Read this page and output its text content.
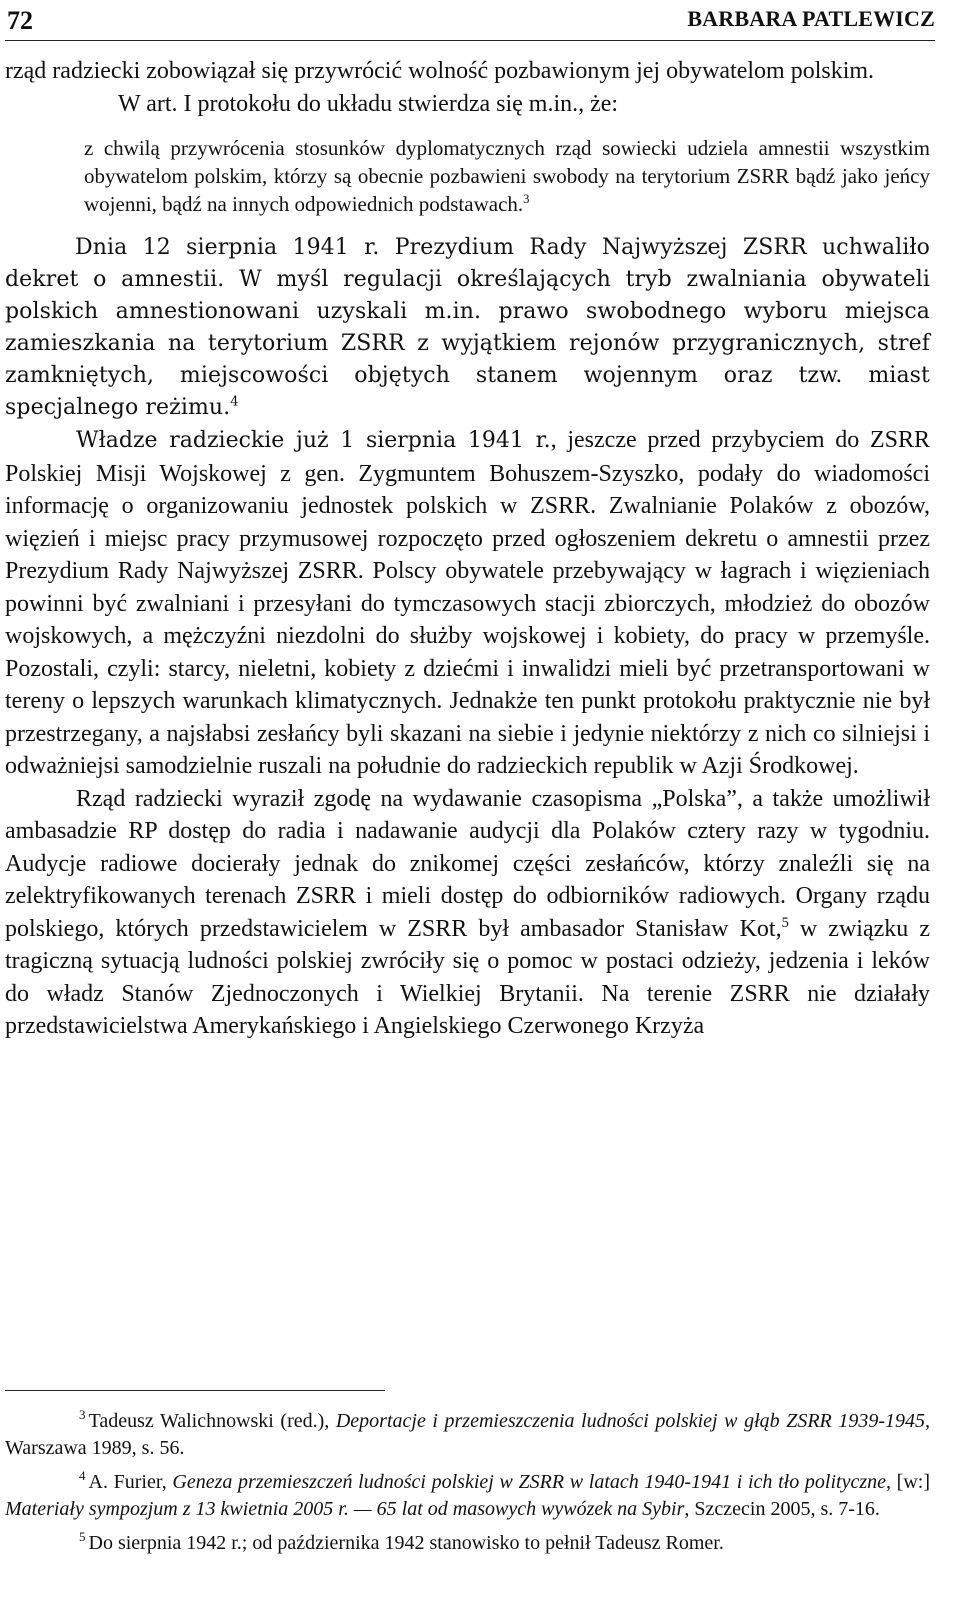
72	BARBARA PATLEWICZ

rząd radziecki zobowiązał się przywrócić wolność pozbawionym jej obywatelom polskim.

W art. I protokołu do układu stwierdza się m.in., że:

z chwilą przywrócenia stosunków dyplomatycznych rząd sowiecki udziela amnestii wszystkim obywatelom polskim, którzy są obecnie pozbawieni swobody na terytorium ZSRR bądź jako jeńcy wojenni, bądź na innych odpowiednich podstawach.$^3$

Dnia 12 sierpnia 1941 r. Prezydium Rady Najwyższej ZSRR uchwaliło dekret o amnestii. W myśl regulacji określających tryb zwalniania obywateli polskich amnestionowani uzyskali m.in. prawo swobodnego wyboru miejsca zamieszkania na terytorium ZSRR z wyjątkiem rejonów przygranicznych, stref zamkniętych, miejscowości objętych stanem wojennym oraz tzw. miast specjalnego reżimu.$^4$

Władze radzieckie już 1 sierpnia 1941 r., jeszcze przed przybyciem do ZSRR Polskiej Misji Wojskowej z gen. Zygmuntem Bohuszem-Szyszko, podały do wiadomości informację o organizowaniu jednostek polskich w ZSRR. Zwalnianie Polaków z obozów, więzień i miejsc pracy przymusowej rozpoczęto przed ogłoszeniem dekretu o amnestii przez Prezydium Rady Najwyższej ZSRR. Polscy obywatele przebywający w łagrach i więzieniach powinni być zwalniani i przesyłani do tymczasowych stacji zbiorczych, młodzież do obozów wojskowych, a mężczyźni niezdolni do służby wojskowej i kobiety, do pracy w przemyśle. Pozostali, czyli: starcy, nieletni, kobiety z dziećmi i inwalidzi mieli być przetransportowani w tereny o lepszych warunkach klimatycznych. Jednakże ten punkt protokołu praktycznie nie był przestrzegany, a najsłabsi zesłańcy byli skazani na siebie i jedynie niektórzy z nich co silniejsi i odważniejsi samodzielnie ruszali na południe do radzieckich republik w Azji Środkowej.

Rząd radziecki wyraził zgodę na wydawanie czasopisma „Polska”, a także umożliwił ambasadzie RP dostęp do radia i nadawanie audycji dla Polaków cztery razy w tygodniu. Audycje radiowe docierały jednak do znikomej części zesłańców, którzy znaleźli się na zelektryfikowanych terenach ZSRR i mieli dostęp do odbiorników radiowych. Organy rządu polskiego, których przedstawicielem w ZSRR był ambasador Stanisław Kot,$^5$ w związku z tragiczną sytuacją ludności polskiej zwróciły się o pomoc w postaci odzieży, jedzenia i leków do władz Stanów Zjednoczonych i Wielkiej Brytanii. Na terenie ZSRR nie działały przedstawicielstwa Amerykańskiego i Angielskiego Czerwonego Krzyża

$^3$ Tadeusz Walichnowski (red.), Deportacje i przemieszczenia ludności polskiej w głąb ZSRR 1939-1945, Warszawa 1989, s. 56.

$^4$ A. Furier, Geneza przemieszczeń ludności polskiej w ZSRR w latach 1940-1941 i ich tło polityczne, [w:] Materiały sympozjum z 13 kwietnia 2005 r. — 65 lat od masowych wywózek na Sybir, Szczecin 2005, s. 7-16.

$^5$ Do sierpnia 1942 r.; od października 1942 stanowisko to pełnił Tadeusz Romer.
